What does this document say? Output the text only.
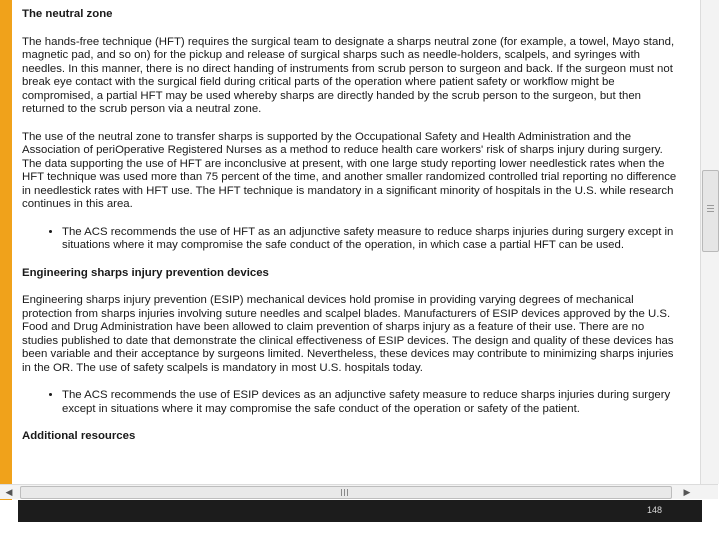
The neutral zone

The hands-free technique (HFT) requires the surgical team to designate a sharps neutral zone (for example, a towel, Mayo stand, magnetic pad, and so on) for the pickup and release of surgical sharps such as needle-holders, scalpels, and syringes with needles. In this manner, there is no direct handing of instruments from scrub person to surgeon and back. If the surgeon must not break eye contact with the surgical field during critical parts of the operation where patient safety or workflow might be compromised, a partial HFT may be used whereby sharps are directly handed by the scrub person to the surgeon, but then returned to the scrub person via a neutral zone.

The use of the neutral zone to transfer sharps is supported by the Occupational Safety and Health Administration and the Association of periOperative Registered Nurses as a method to reduce health care workers' risk of sharps injury during surgery. The data supporting the use of HFT are inconclusive at present, with one large study reporting lower needlestick rates when the HFT technique was used more than 75 percent of the time, and another smaller randomized controlled trial reporting no difference in needlestick rates with HFT use. The HFT technique is mandatory in a significant minority of hospitals in the U.S. while research continues in this area.

• The ACS recommends the use of HFT as an adjunctive safety measure to reduce sharps injuries during surgery except in situations where it may compromise the safe conduct of the operation, in which case a partial HFT can be used.
Engineering sharps injury prevention devices

Engineering sharps injury prevention (ESIP) mechanical devices hold promise in providing varying degrees of mechanical protection from sharps injuries involving suture needles and scalpel blades. Manufacturers of ESIP devices approved by the U.S. Food and Drug Administration have been allowed to claim prevention of sharps injury as a feature of their use. There are no studies published to date that demonstrate the clinical effectiveness of ESIP devices. The design and quality of these devices has been variable and their acceptance by surgeons limited. Nevertheless, these devices may contribute to minimizing sharps injuries in the OR. The use of safety scalpels is mandatory in most U.S. hospitals today.

• The ACS recommends the use of ESIP devices as an adjunctive safety measure to reduce sharps injuries during surgery except in situations where it may compromise the safe conduct of the operation or safety of the patient.
Additional resources
◀	▶
148
